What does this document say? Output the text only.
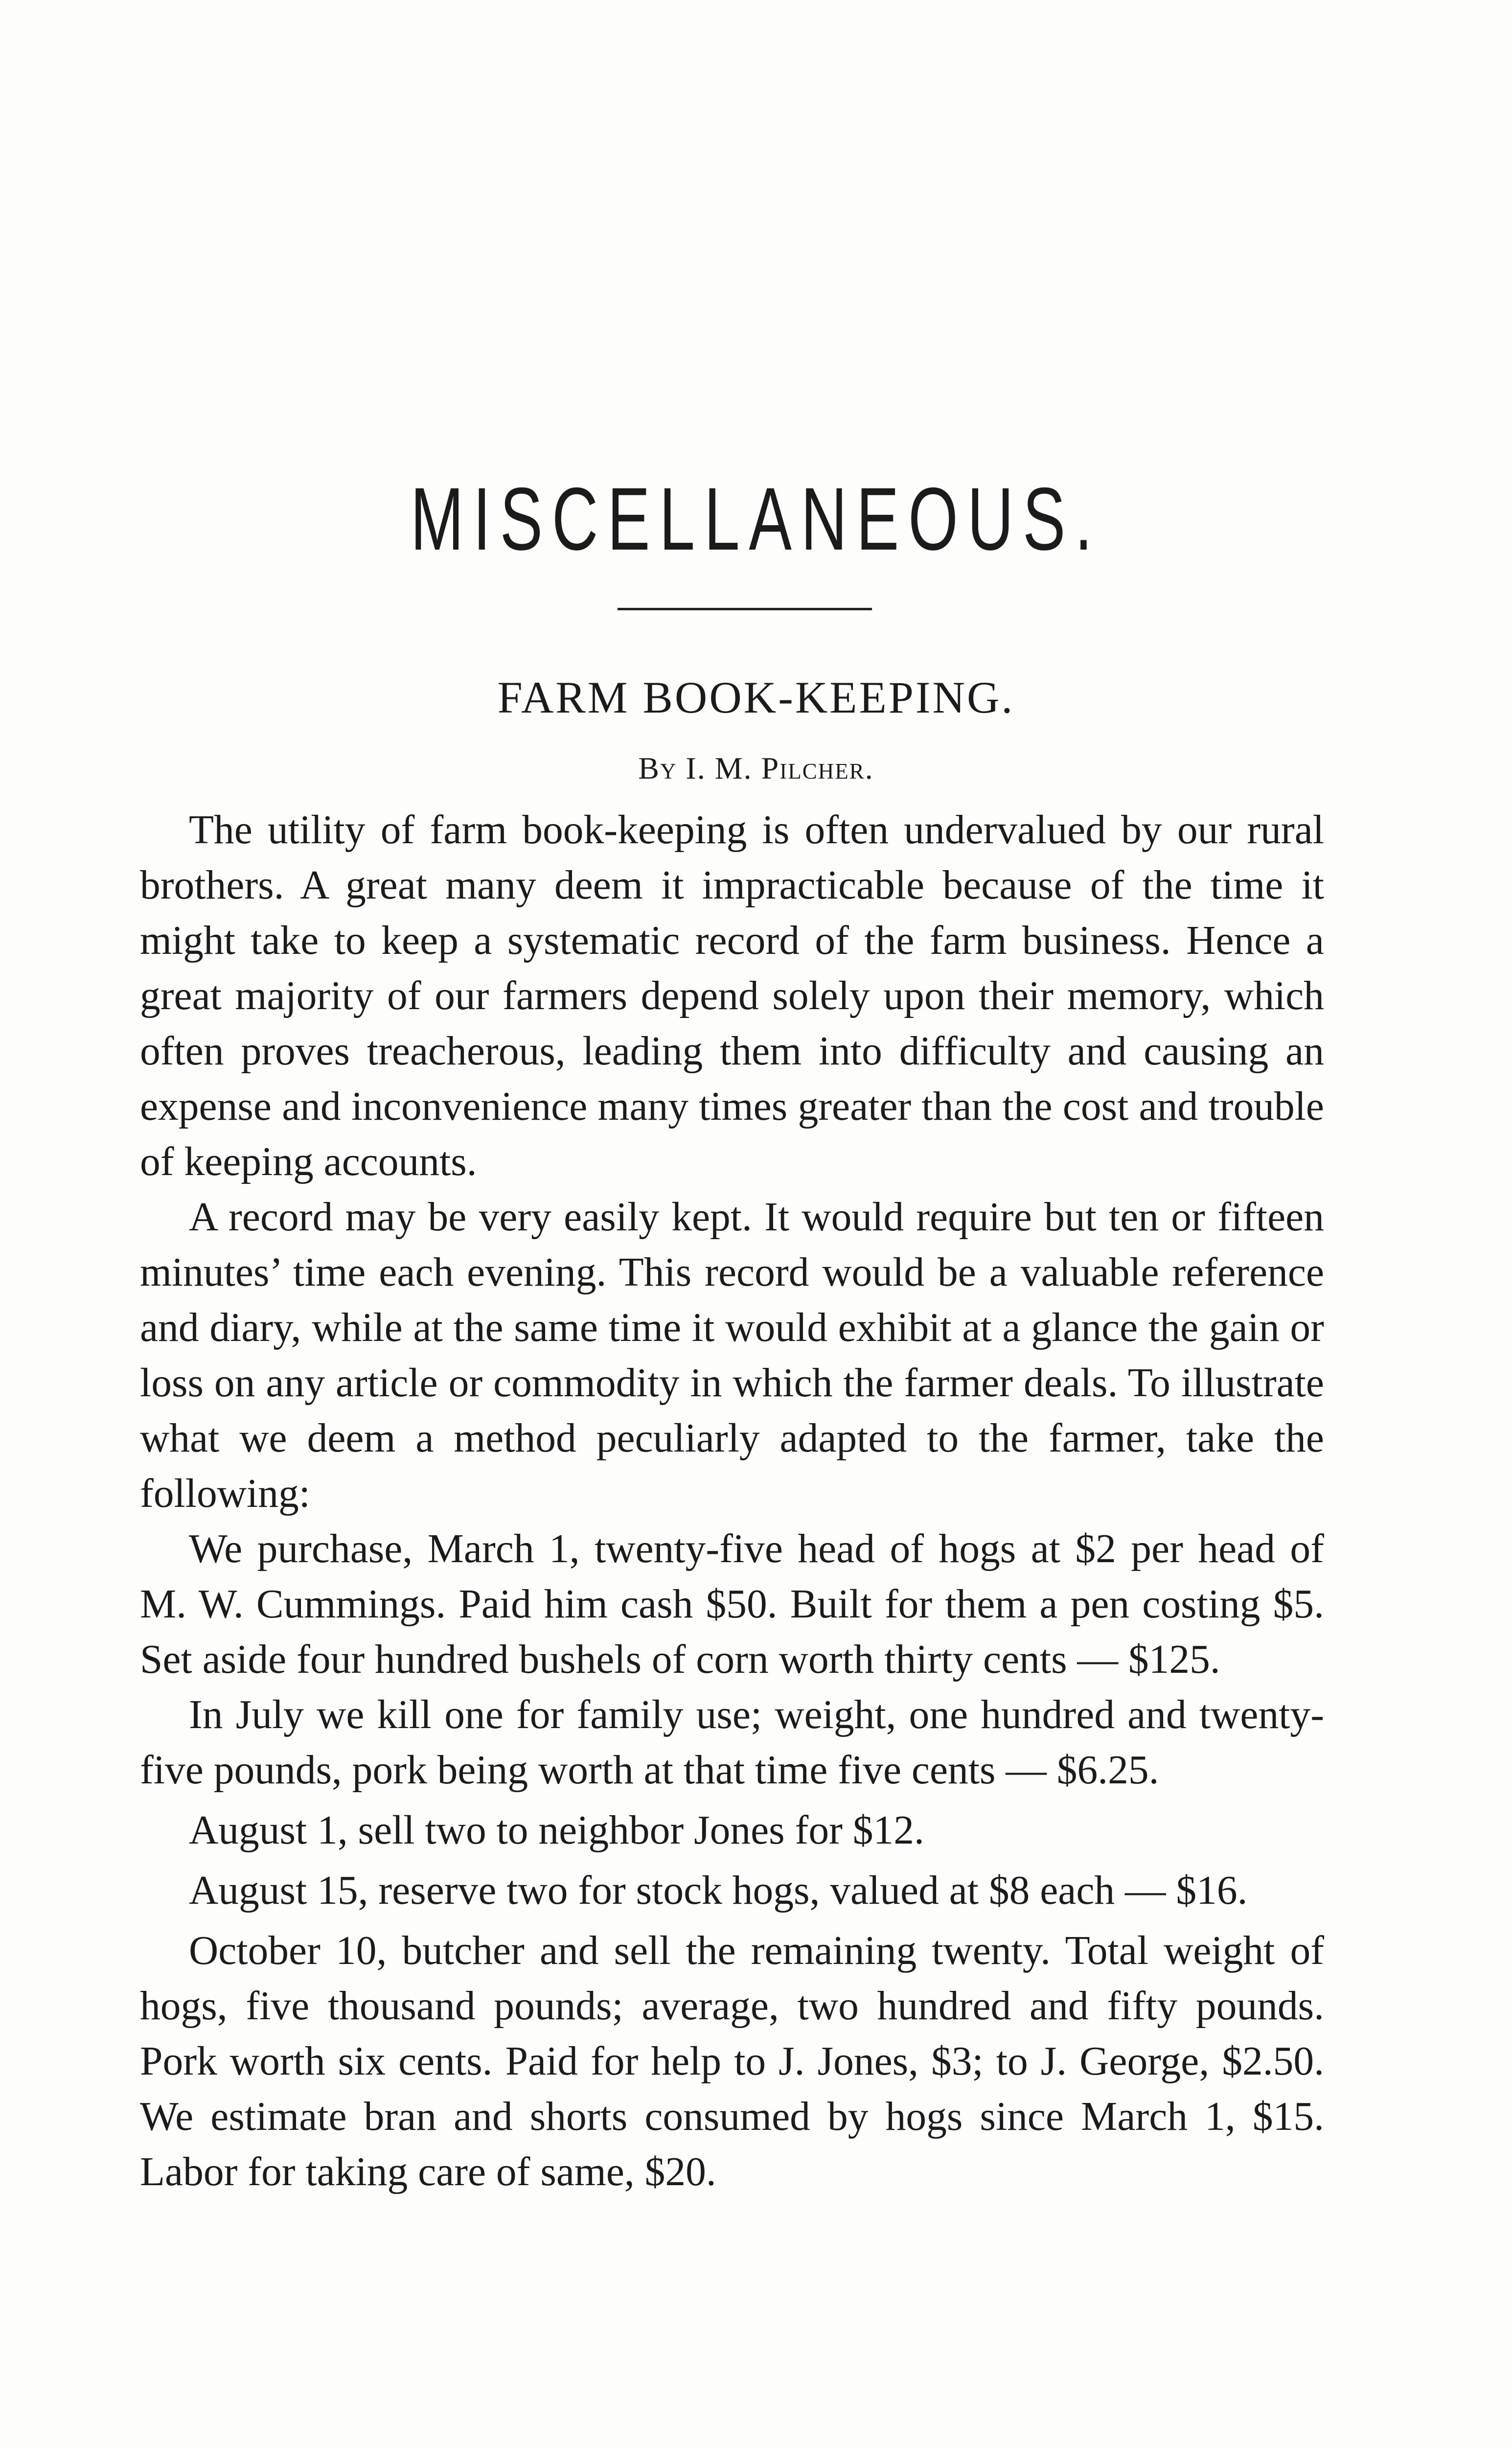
MISCELLANEOUS.
FARM BOOK-KEEPING.
By I. M. Pilcher.

The utility of farm book-keeping is often undervalued by our rural brothers. A great many deem it impracticable because of the time it might take to keep a systematic record of the farm business. Hence a great majority of our farmers depend solely upon their memory, which often proves treacherous, leading them into difficulty and causing an expense and inconvenience many times greater than the cost and trouble of keeping accounts.

A record may be very easily kept. It would require but ten or fifteen minutes’ time each evening. This record would be a valuable reference and diary, while at the same time it would exhibit at a glance the gain or loss on any article or commodity in which the farmer deals. To illustrate what we deem a method peculiarly adapted to the farmer, take the following:

We purchase, March 1, twenty-five head of hogs at $2 per head of M. W. Cummings. Paid him cash $50. Built for them a pen costing $5. Set aside four hundred bushels of corn worth thirty cents — $125.

In July we kill one for family use; weight, one hundred and twenty-five pounds, pork being worth at that time five cents — $6.25.

August 1, sell two to neighbor Jones for $12.

August 15, reserve two for stock hogs, valued at $8 each — $16.

October 10, butcher and sell the remaining twenty. Total weight of hogs, five thousand pounds; average, two hundred and fifty pounds. Pork worth six cents. Paid for help to J. Jones, $3; to J. George, $2.50. We estimate bran and shorts consumed by hogs since March 1, $15. Labor for taking care of same, $20.
